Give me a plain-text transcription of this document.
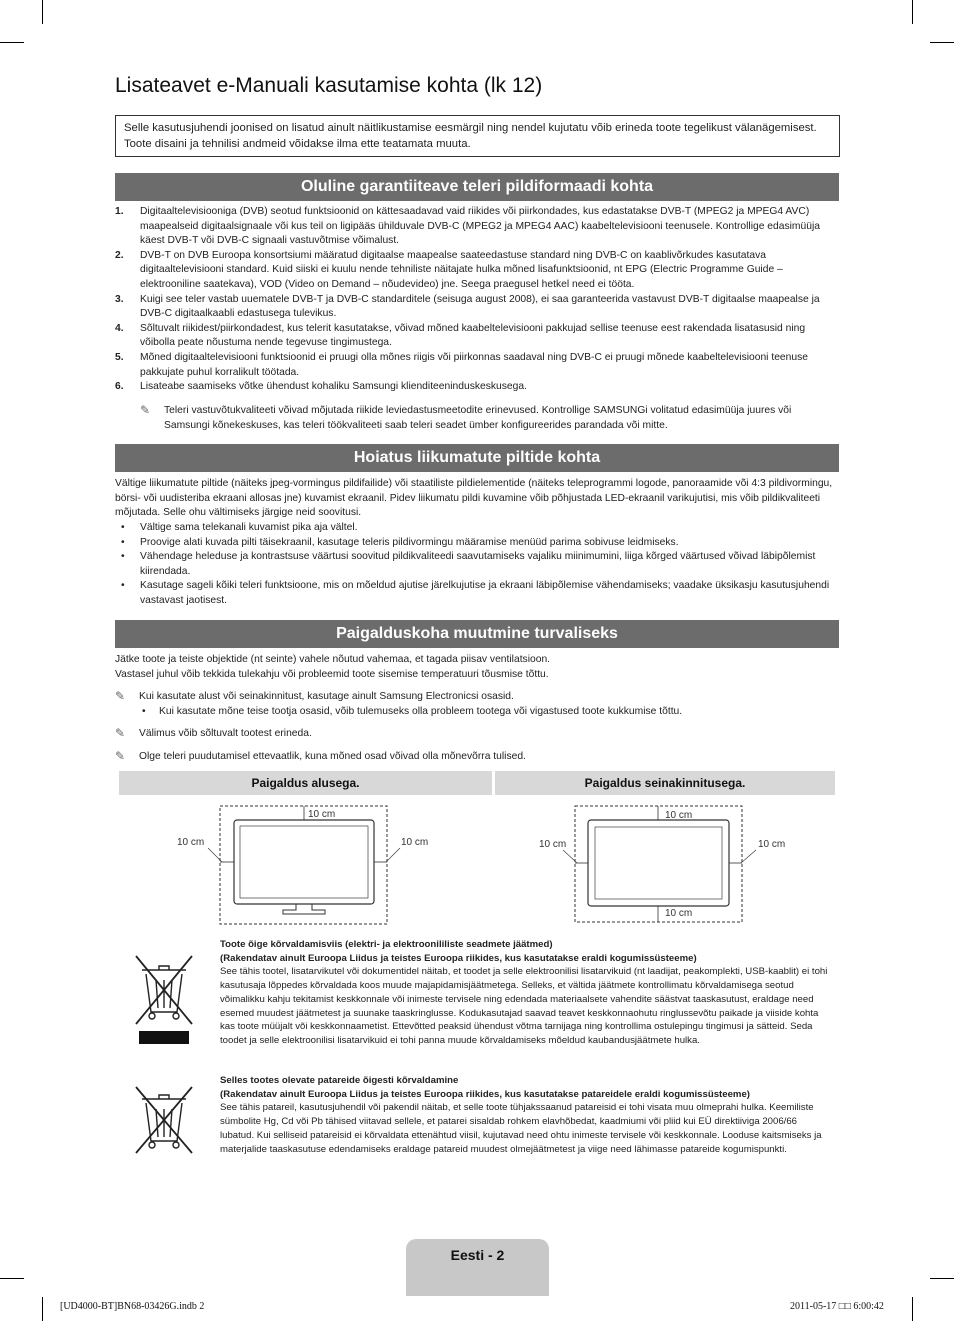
Lisateavet e-Manuali kasutamise kohta (lk 12)
Selle kasutusjuhendi joonised on lisatud ainult näitlikustamise eesmärgil ning nendel kujutatu võib erineda toote tegelikust välanägemisest. Toote disaini ja tehnilisi andmeid võidakse ilma ette teatamata muuta.
Oluline garantiiteave teleri pildiformaadi kohta
1. Digitaaltelevisiooniga (DVB) seotud funktsioonid on kättesaadavad vaid riikides või piirkondades, kus edastatakse DVB-T (MPEG2 ja MPEG4 AVC) maapealseid digitaalsignaale või kus teil on ligipääs ühilduvale DVB-C (MPEG2 ja MPEG4 AAC) kaabeltelevisiooni teenusele. Kontrollige edasimüüja käest DVB-T või DVB-C signaali vastuvõtmise võimalust.
2. DVB-T on DVB Euroopa konsortsiumi määratud digitaalse maapealse saateedastuse standard ning DVB-C on kaablivõrkudes kasutatava digitaaltelevisiooni standard. Kuid siiski ei kuulu nende tehniliste näitajate hulka mõned lisafunktsioonid, nt EPG (Electric Programme Guide – elektrooniline saatekava), VOD (Video on Demand – nõudevideo) jne. Seega praegusel hetkel need ei tööta.
3. Kuigi see teler vastab uuematele DVB-T ja DVB-C standarditele (seisuga august 2008), ei saa garanteerida vastavust DVB-T digitaalse maapealse ja DVB-C digitaalkaabli edastusega tulevikus.
4. Sõltuvalt riikidest/piirkondadest, kus telerit kasutatakse, võivad mõned kaabeltelevisiooni pakkujad sellise teenuse eest rakendada lisatasusid ning võibolla peate nõustuma nende tegevuse tingimustega.
5. Mõned digitaaltelevisiooni funktsioonid ei pruugi olla mõnes riigis või piirkonnas saadaval ning DVB-C ei pruugi mõnede kaabeltelevisiooni teenuse pakkujate puhul korralikult töötada.
6. Lisateabe saamiseks võtke ühendust kohaliku Samsungi klienditeeninduskeskusega.
✎	Teleri vastuvõtukvaliteeti võivad mõjutada riikide leviedastusmeetodite erinevused. Kontrollige SAMSUNGi volitatud edasimüüja juures või Samsungi kõnekeskuses, kas teleri töökvaliteeti saab teleri seadet ümber konfigureerides parandada või mitte.
Hoiatus liikumatute piltide kohta

Vältige liikumatute piltide (näiteks jpeg-vormingus pildifailide) või staatiliste pildielementide (näiteks teleprogrammi logode, panoraamide või 4:3 pildivormingu, börsi- või uudisteriba ekraani allosas jne) kuvamist ekraanil. Pidev liikumatu pildi kuvamine võib põhjustada LED-ekraanil varikujutisi, mis võib pildikvaliteeti mõjutada. Selle ohu vältimiseks järgige neid soovitusi.

• Vältige sama telekanali kuvamist pika aja vältel.
• Proovige alati kuvada pilti täisekraanil, kasutage teleris pildivormingu määramise menüüd parima sobivuse leidmiseks.
• Vähendage heleduse ja kontrastsuse väärtusi soovitud pildikvaliteedi saavutamiseks vajaliku miinimumini, liiga kõrged väärtused võivad läbipõlemist kiirendada.
• Kasutage sageli kõiki teleri funktsioone, mis on mõeldud ajutise järelkujutise ja ekraani läbipõlemise vähendamiseks; vaadake üksikasju kasutusjuhendi vastavast jaotisest.
Paigalduskoha muutmine turvaliseks

Jätke toote ja teiste objektide (nt seinte) vahele nõutud vahemaa, et tagada piisav ventilatsioon.

Vastasel juhul võib tekkida tulekahju või probleemid toote sisemise temperatuuri tõusmise tõttu.

✎	Kui kasutate alust või seinakinnitust, kasutage ainult Samsung Electronicsi osasid.
•	Kui kasutate mõne teise tootja osasid, võib tulemuseks olla probleem tootega või vigastused toote kukkumise tõttu.
✎	Välimus võib sõltuvalt tootest erineda.
✎	Olge teleri puudutamisel ettevaatlik, kuna mõned osad võivad olla mõnevõrra tulised.
Paigaldus alusega.	Paigaldus seinakinnitusega.
10 cm
10 cm	10 cm
10 cm
10 cm
10 cm	10 cm
Toote õige kõrvaldamisviis (elektri- ja elektroonililiste seadmete jäätmed)
(Rakendatav ainult Euroopa Liidus ja teistes Euroopa riikides, kus kasutatakse eraldi kogumissüsteeme)
See tähis tootel, lisatarvikutel või dokumentidel näitab, et toodet ja selle elektroonilisi lisatarvikuid (nt laadijat, peakomplekti, USB-kaablit) ei tohi kasutusaja lõppedes kõrvaldada koos muude majapidamisjäätmetega. Selleks, et vältida jäätmete kontrollimatu kõrvaldamisega seotud võimalikku kahju tekitamist keskkonnale või inimeste tervisele ning edendada materiaalsete vahendite säästvat taaskasutust, eraldage need esemed muudest jäätmetest ja suunake taaskringlusse. Kodukasutajad saavad teavet keskkonnaohutu ringlussevõtu paikade ja viiside kohta kas toote müüjalt või keskkonnaametist. Ettevõtted peaksid ühendust võtma tarnijaga ning kontrollima ostulepingu tingimusi ja sätteid. Seda toodet ja selle elektroonilisi lisatarvikuid ei tohi panna muude kõrvaldamiseks mõeldud kaubandusjäätmete hulka.
Selles tootes olevate patareide õigesti kõrvaldamine
(Rakendatav ainult Euroopa Liidus ja teistes Euroopa riikides, kus kasutatakse patareidele eraldi kogumissüsteeme)
See tähis patareil, kasutusjuhendil või pakendil näitab, et selle toote tühjakssaanud patareisid ei tohi visata muu olmeprahi hulka. Keemiliste sümbolite Hg, Cd või Pb tähised viitavad sellele, et patarei sisaldab rohkem elavhõbedat, kaadmiumi või pliid kui EÜ direktiiviga 2006/66 lubatud. Kui selliseid patareisid ei kõrvaldata ettenähtud viisil, kujutavad need ohtu inimeste tervisele või keskkonnale. Looduse kaitsmiseks ja materjalide taaskasutuse edendamiseks eraldage patareid muudest olmejäätmetest ja viige need lähimasse patareide kogumispunkti.
Eesti - 2
[UD4000-BT]BN68-03426G.indb 2	2011-05-17 □□ 6:00:42
